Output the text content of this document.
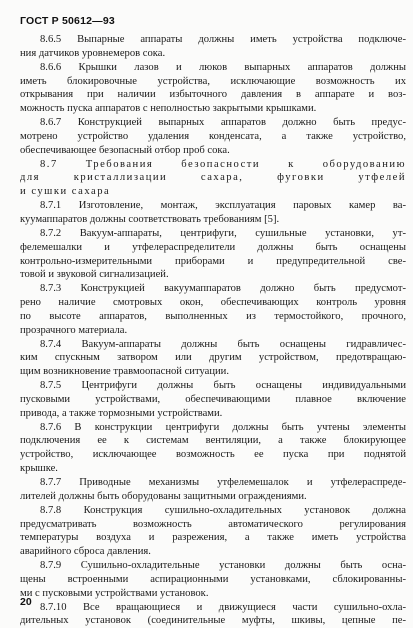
ГОСТ Р 50612—93
8.6.5 Выпарные аппараты должны иметь устройства подключе-
ния датчиков уровнемеров сока.
8.6.6 Крышки лазов и люков выпарных аппаратов должны
иметь блокировочные устройства, исключающие возможность их
открывания при наличии избыточного давления в аппарате и воз-
можность пуска аппаратов с неполностью закрытыми крышками.
8.6.7 Конструкцией выпарных аппаратов должно быть предус-
мотрено устройство удаления конденсата, а также устройство,
обеспечивающее безопасный отбор проб сока.
8.7 Требования безопасности к оборудованию
для кристаллизации сахара, фуговки утфелей
и сушки сахара
8.7.1 Изготовление, монтаж, эксплуатация паровых камер ва-
куумаппаратов должны соответствовать требованиям [5].
8.7.2 Вакуум-аппараты, центрифуги, сушильные установки, ут-
фелемешалки и утфелераспределители должны быть оснащены
контрольно-измерительными приборами и предупредительной све-
товой и звуковой сигнализацией.
8.7.3 Конструкцией вакуумаппаратов должно быть предусмот-
рено наличие смотровых окон, обеспечивающих контроль уровня
по высоте аппаратов, выполненных из термостойкого, прочного,
прозрачного материала.
8.7.4 Вакуум-аппараты должны быть оснащены гидравличес-
ким спускным затвором или другим устройством, предотвращаю-
щим возникновение травмоопасной ситуации.
8.7.5 Центрифуги должны быть оснащены индивидуальными
пусковыми устройствами, обеспечивающими плавное включение
привода, а также тормозными устройствами.
8.7.6 В конструкции центрифуги должны быть учтены элементы
подключения ее к системам вентиляции, а также блокирующее
устройство, исключающее возможность ее пуска при поднятой
крышке.
8.7.7 Приводные механизмы утфелемешалок и утфелераспреде-
лителей должны быть оборудованы защитными ограждениями.
8.7.8 Конструкция сушильно-охладительных установок должна
предусматривать возможность автоматического регулирования
температуры воздуха и разрежения, а также иметь устройства
аварийного сброса давления.
8.7.9 Сушильно-охладительные установки должны быть осна-
щены встроенными аспирационными установками, сблокированны-
ми с пусковыми устройствами установок.
8.7.10 Все вращающиеся и движущиеся части сушильно-охла-
дительных установок (соединительные муфты, шкивы, цепные пе-
20
